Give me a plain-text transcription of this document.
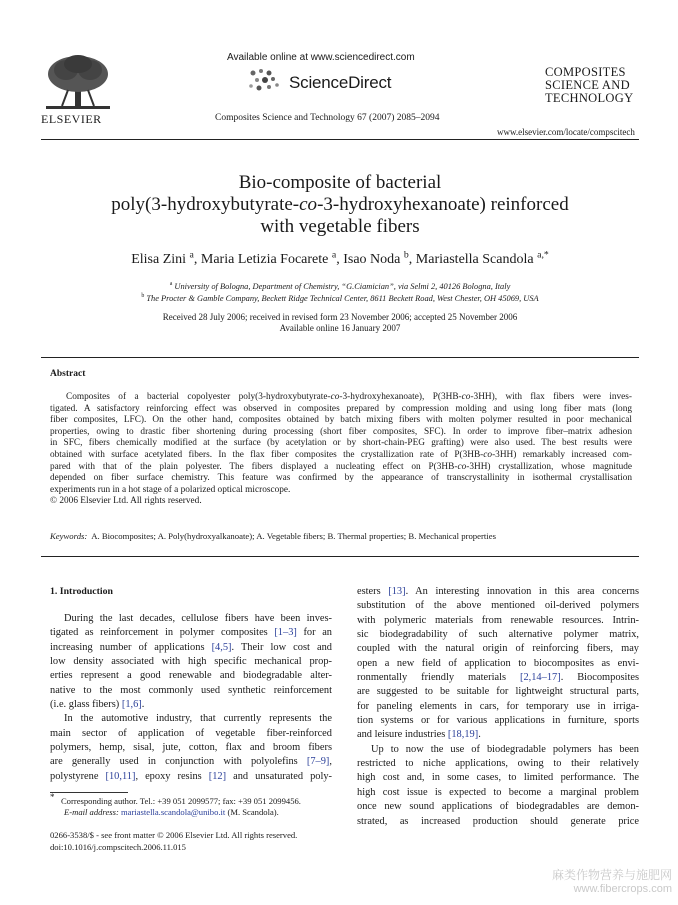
ELSEVIER
Available online at www.sciencedirect.com
ScienceDirect
Composites Science and Technology 67 (2007) 2085–2094
COMPOSITES
SCIENCE AND
TECHNOLOGY
www.elsevier.com/locate/compscitech
Bio-composite of bacterial
poly(3-hydroxybutyrate-co-3-hydroxyhexanoate) reinforced
with vegetable fibers
Elisa Zini $^a$, Maria Letizia Focarete $^a$, Isao Noda $^b$, Mariastella Scandola $^{a,*}$
$^a$ University of Bologna, Department of Chemistry, “G.Ciamician”, via Selmi 2, 40126 Bologna, Italy
$^b$ The Procter & Gamble Company, Beckett Ridge Technical Center, 8611 Beckett Road, West Chester, OH 45069, USA
Received 28 July 2006; received in revised form 23 November 2006; accepted 25 November 2006
Available online 16 January 2007
Abstract
Composites of a bacterial copolyester poly(3-hydroxybutyrate-co-3-hydroxyhexanoate), P(3HB-co-3HH), with flax fibers were inves-
tigated. A satisfactory reinforcing effect was observed in composites prepared by compression molding and using long fiber mats (long
fiber composites, LFC). On the other hand, composites obtained by batch mixing fibers with molten polymer resulted in poor mechanical
properties, owing to drastic fiber shortening during processing (short fiber composites, SFC). In order to improve fiber–matrix adhesion
in SFC, fibers chemically modified at the surface (by acetylation or by short-chain-PEG grafting) were also used. The best results were
obtained with surface acetylated fibers. In the flax fiber composites the crystallization rate of P(3HB-co-3HH) remarkably increased com-
pared with that of the plain polyester. The fibers displayed a nucleating effect on P(3HB-co-3HH) crystallization, whose magnitude
depended on fiber surface chemistry. This feature was confirmed by the appearance of transcrystallinity in isothermal crystallisation
experiments run in a hot stage of a polarized optical microscope.
© 2006 Elsevier Ltd. All rights reserved.
Keywords: A. Biocomposites; A. Poly(hydroxyalkanoate); A. Vegetable fibers; B. Thermal properties; B. Mechanical properties
1. Introduction
During the last decades, cellulose fibers have been inves-
tigated as reinforcement in polymer composites [1–3] for an
increasing number of applications [4,5]. Their low cost and
low density associated with high specific mechanical prop-
erties represent a good renewable and biodegradable alter-
native to the most commonly used synthetic reinforcement
(i.e. glass fibers) [1,6].
In the automotive industry, that currently represents the
main sector of application of vegetable fiber-reinforced
polymers, hemp, sisal, jute, cotton, flax and broom fibers
are generally used in conjunction with polyolefins [7–9],
polystyrene [10,11], epoxy resins [12] and unsaturated poly-
esters [13]. An interesting innovation in this area concerns
substitution of the above mentioned oil-derived polymers
with polymeric materials from renewable resources. Intrin-
sic biodegradability of such alternative polymer matrix,
coupled with the natural origin of reinforcing fibers, may
open a new field of application to biocomposites as envi-
ronmentally friendly materials [2,14–17]. Biocomposites
are suggested to be suitable for lightweight structural parts,
for paneling elements in cars, for temporary use in irriga-
tion systems or for various applications in furniture, sports
and leisure industries [18,19].
Up to now the use of biodegradable polymers has been
restricted to niche applications, owing to their relatively
high cost and, in some cases, to limited performance. The
high cost issue is expected to become a marginal problem
once new sound applications of biodegradables are demon-
strated, as increased production should generate price
* Corresponding author. Tel.: +39 051 2099577; fax: +39 051 2099456.
E-mail address: mariastella.scandola@unibo.it (M. Scandola).
0266-3538/$ - see front matter © 2006 Elsevier Ltd. All rights reserved.
doi:10.1016/j.compscitech.2006.11.015
麻类作物营养与施肥网
www.fibercrops.com
